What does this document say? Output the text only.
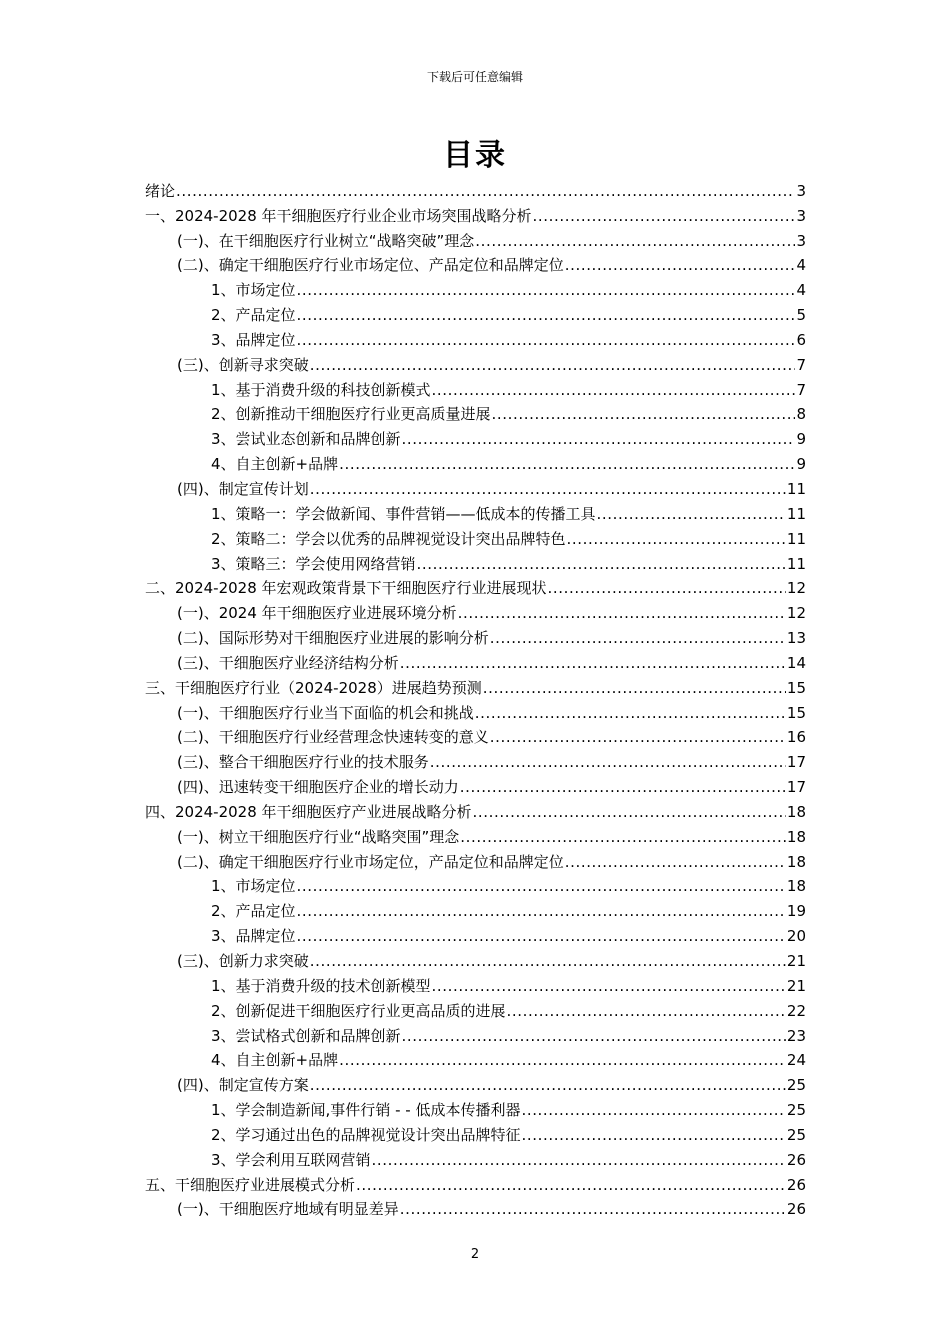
下载后可任意编辑
目录
绪论 .....	3
一、2024-2028 年干细胞医疗行业企业市场突围战略分析 .....	3
(一)、在干细胞医疗行业树立“战略突破”理念 .....	3
(二)、确定干细胞医疗行业市场定位、产品定位和品牌定位 .....	4
1、市场定位 .....	4
2、产品定位 .....	5
3、品牌定位 .....	6
(三)、创新寻求突破 .....	7
1、基于消费升级的科技创新模式 .....	7
2、创新推动干细胞医疗行业更高质量进展 .....	8
3、尝试业态创新和品牌创新 .....	9
4、自主创新+品牌 .....	9
(四)、制定宣传计划 .....	11
1、策略一：学会做新闻、事件营销——低成本的传播工具 .....	11
2、策略二：学会以优秀的品牌视觉设计突出品牌特色 .....	11
3、策略三：学会使用网络营销 .....	11
二、2024-2028 年宏观政策背景下干细胞医疗行业进展现状 .....	12
(一)、2024 年干细胞医疗业进展环境分析 .....	12
(二)、国际形势对干细胞医疗业进展的影响分析 .....	13
(三)、干细胞医疗业经济结构分析 .....	14
三、干细胞医疗行业（2024-2028）进展趋势预测 .....	15
(一)、干细胞医疗行业当下面临的机会和挑战 .....	15
(二)、干细胞医疗行业经营理念快速转变的意义 .....	16
(三)、整合干细胞医疗行业的技术服务 .....	17
(四)、迅速转变干细胞医疗企业的增长动力 .....	17
四、2024-2028 年干细胞医疗产业进展战略分析 .....	18
(一)、树立干细胞医疗行业“战略突围”理念 .....	18
(二)、确定干细胞医疗行业市场定位，产品定位和品牌定位 .....	18
1、市场定位 .....	18
2、产品定位 .....	19
3、品牌定位 .....	20
(三)、创新力求突破 .....	21
1、基于消费升级的技术创新模型 .....	21
2、创新促进干细胞医疗行业更高品质的进展 .....	22
3、尝试格式创新和品牌创新 .....	23
4、自主创新+品牌 .....	24
(四)、制定宣传方案 .....	25
1、学会制造新闻,事件行销 - - 低成本传播利器 .....	25
2、学习通过出色的品牌视觉设计突出品牌特征 .....	25
3、学会利用互联网营销 .....	26
五、干细胞医疗业进展模式分析 .....	26
(一)、干细胞医疗地域有明显差异 .....	26
2
